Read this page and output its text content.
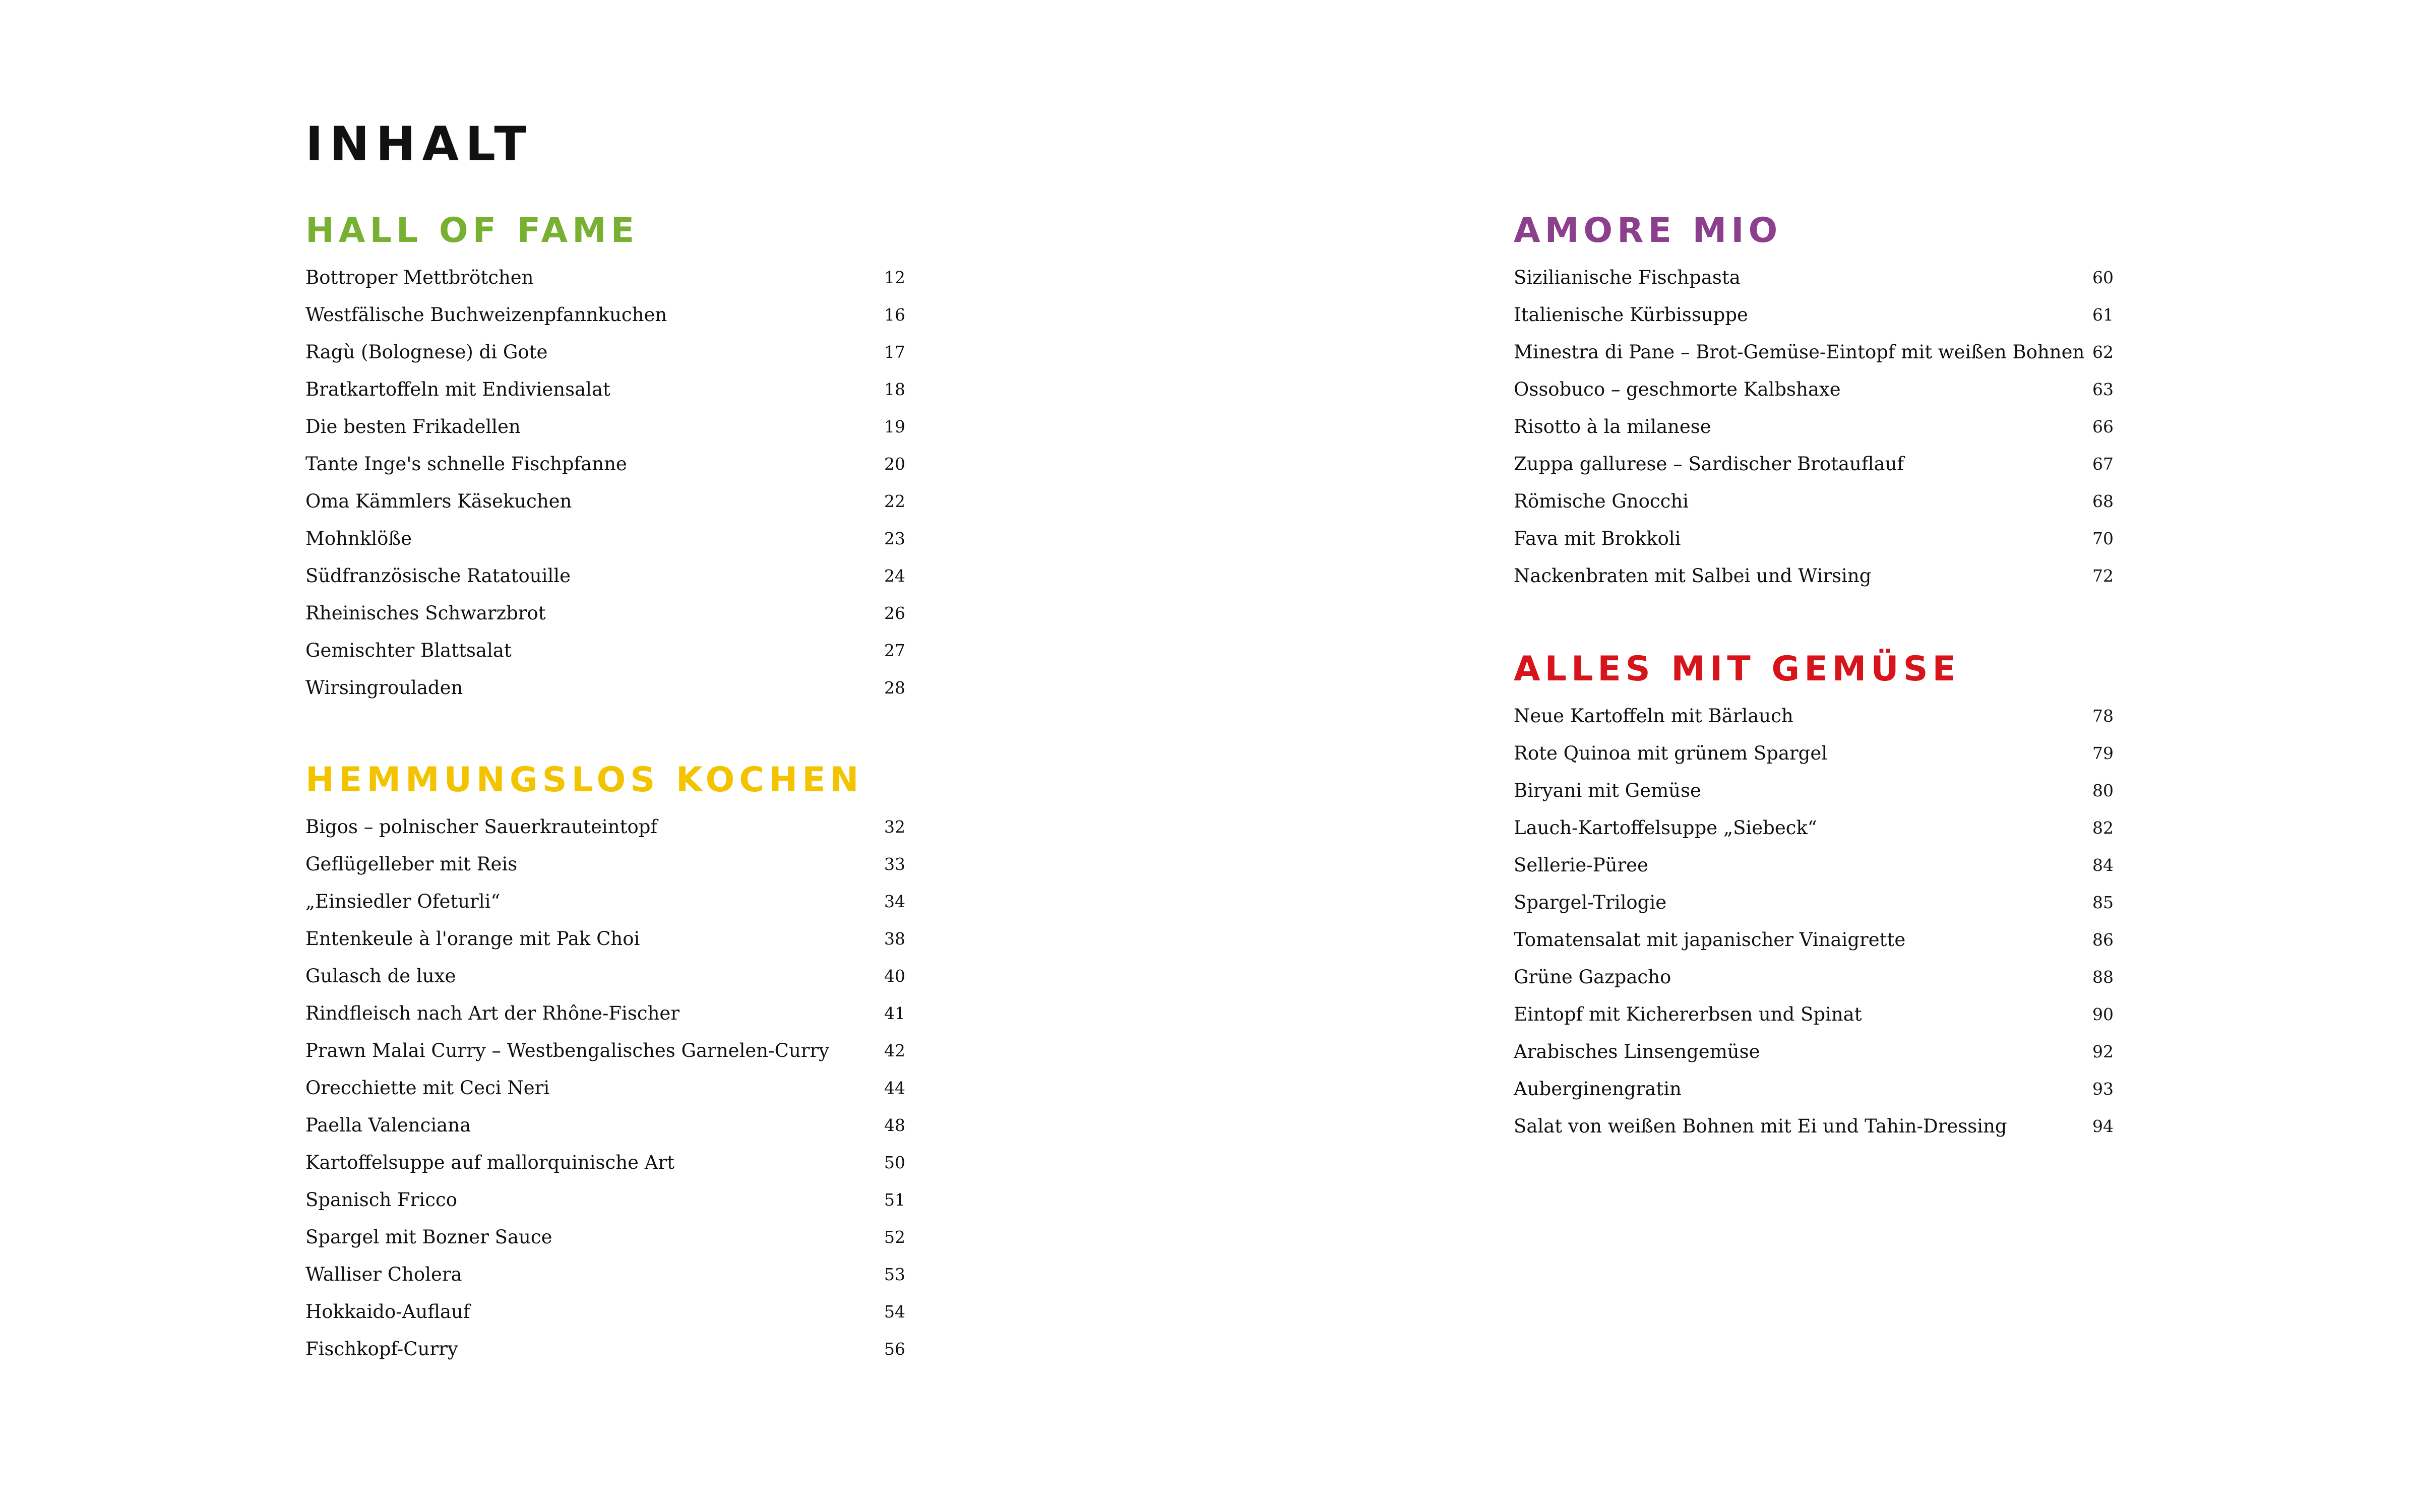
INHALT
HALL OF FAME
Bottroper Mettbrötchen	12
Westfälische Buchweizenpfannkuchen	16
Ragù (Bolognese) di Gote	17
Bratkartoffeln mit Endiviensalat	18
Die besten Frikadellen	19
Tante Inge's schnelle Fischpfanne	20
Oma Kämmlers Käsekuchen	22
Mohnklöße	23
Südfranzösische Ratatouille	24
Rheinisches Schwarzbrot	26
Gemischter Blattsalat	27
Wirsingrouladen	28
HEMMUNGSLOS KOCHEN
Bigos – polnischer Sauerkrauteintopf	32
Geflügelleber mit Reis	33
„Einsiedler Ofeturli“	34
Entenkeule à l'orange mit Pak Choi	38
Gulasch de luxe	40
Rindfleisch nach Art der Rhône-Fischer	41
Prawn Malai Curry – Westbengalisches Garnelen-Curry	42
Orecchiette mit Ceci Neri	44
Paella Valenciana	48
Kartoffelsuppe auf mallorquinische Art	50
Spanisch Fricco	51
Spargel mit Bozner Sauce	52
Walliser Cholera	53
Hokkaido-Auflauf	54
Fischkopf-Curry	56
AMORE MIO
Sizilianische Fischpasta	60
Italienische Kürbissuppe	61
Minestra di Pane – Brot-Gemüse-Eintopf mit weißen Bohnen 62
Ossobuco – geschmorte Kalbshaxe	63
Risotto à la milanese	66
Zuppa gallurese – Sardischer Brotauflauf	67
Römische Gnocchi	68
Fava mit Brokkoli	70
Nackenbraten mit Salbei und Wirsing	72
ALLES MIT GEMÜSE
Neue Kartoffeln mit Bärlauch	78
Rote Quinoa mit grünem Spargel	79
Biryani mit Gemüse	80
Lauch-Kartoffelsuppe „Siebeck“	82
Sellerie-Püree	84
Spargel-Trilogie	85
Tomatensalat mit japanischer Vinaigrette	86
Grüne Gazpacho	88
Eintopf mit Kichererbsen und Spinat	90
Arabisches Linsengemüse	92
Auberginengratin	93
Salat von weißen Bohnen mit Ei und Tahin-Dressing	94
